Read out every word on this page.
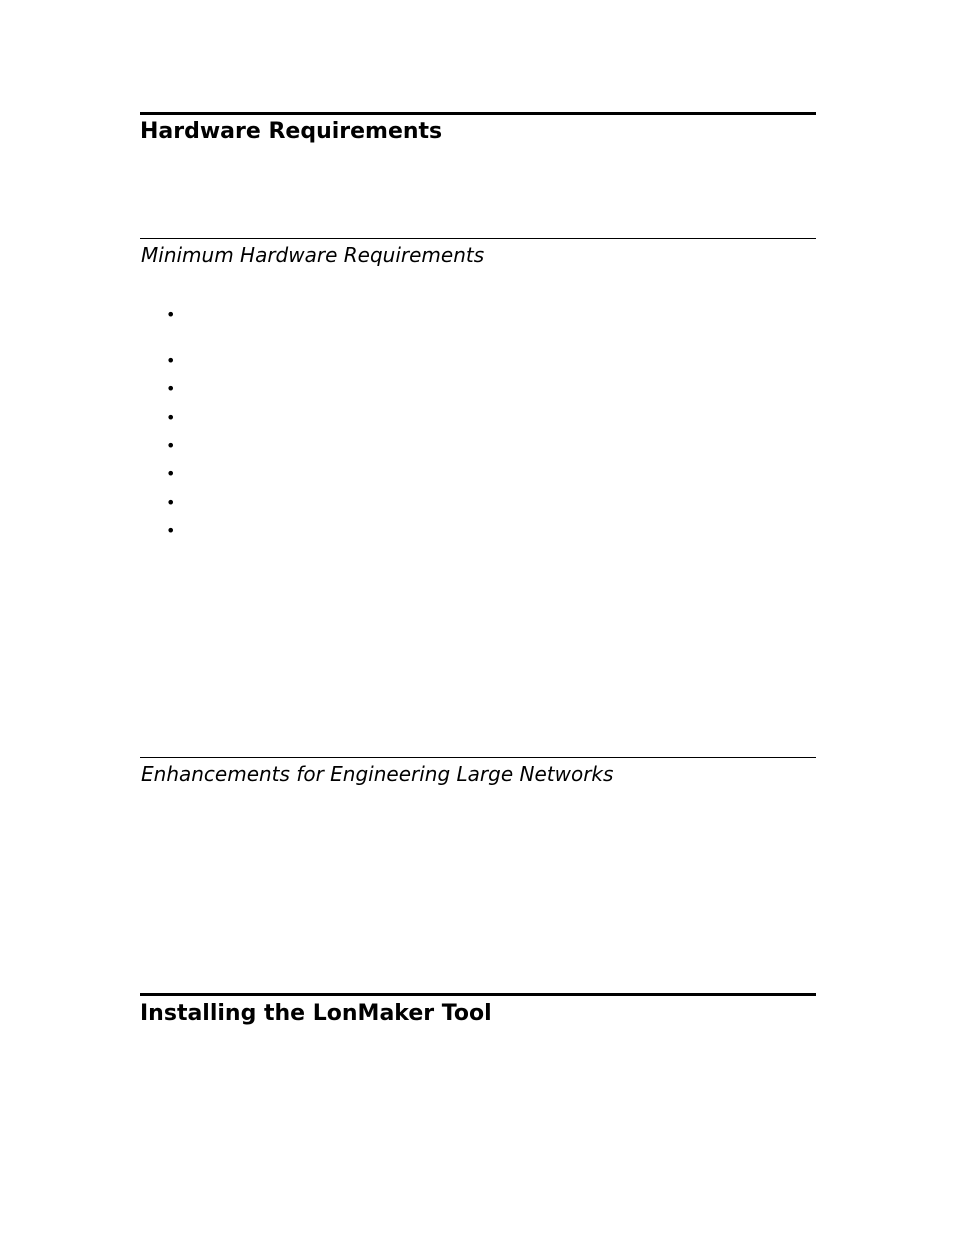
Hardware Requirements
Minimum Hardware Requirements
•
•
•
•
•
•
•
•
Enhancements for Engineering Large Networks
Installing the LonMaker Tool
